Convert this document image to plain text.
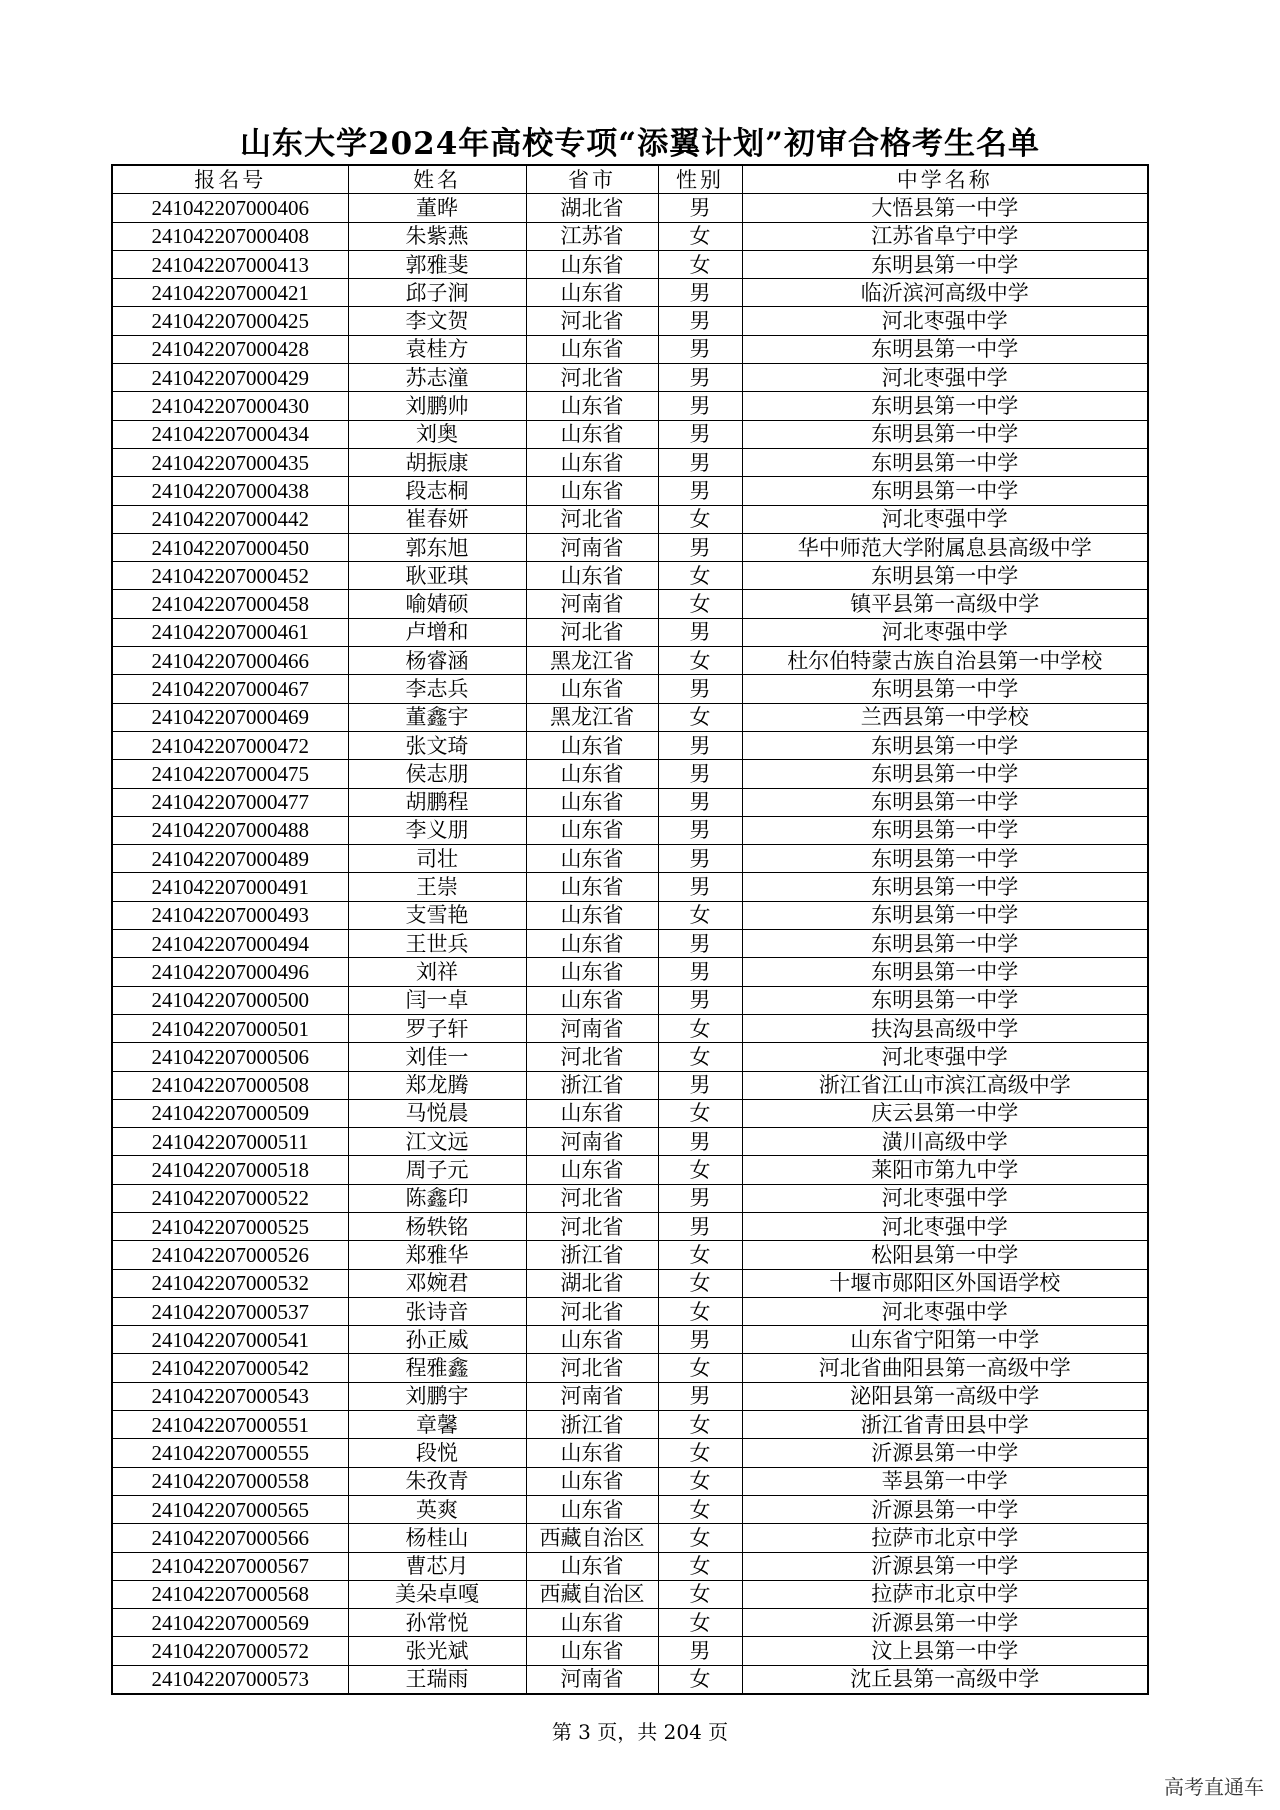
山东大学2024年高校专项“添翼计划”初审合格考生名单
报名号	姓名	省市	性别	中学名称
241042207000406	董晔	湖北省	男	大悟县第一中学
241042207000408	朱紫燕	江苏省	女	江苏省阜宁中学
241042207000413	郭雅斐	山东省	女	东明县第一中学
241042207000421	邱子涧	山东省	男	临沂滨河高级中学
241042207000425	李文贺	河北省	男	河北枣强中学
241042207000428	袁桂方	山东省	男	东明县第一中学
241042207000429	苏志潼	河北省	男	河北枣强中学
241042207000430	刘鹏帅	山东省	男	东明县第一中学
241042207000434	刘奥	山东省	男	东明县第一中学
241042207000435	胡振康	山东省	男	东明县第一中学
241042207000438	段志桐	山东省	男	东明县第一中学
241042207000442	崔春妍	河北省	女	河北枣强中学
241042207000450	郭东旭	河南省	男	华中师范大学附属息县高级中学
241042207000452	耿亚琪	山东省	女	东明县第一中学
241042207000458	喻婧硕	河南省	女	镇平县第一高级中学
241042207000461	卢增和	河北省	男	河北枣强中学
241042207000466	杨睿涵	黑龙江省	女	杜尔伯特蒙古族自治县第一中学校
241042207000467	李志兵	山东省	男	东明县第一中学
241042207000469	董鑫宇	黑龙江省	女	兰西县第一中学校
241042207000472	张文琦	山东省	男	东明县第一中学
241042207000475	侯志朋	山东省	男	东明县第一中学
241042207000477	胡鹏程	山东省	男	东明县第一中学
241042207000488	李义朋	山东省	男	东明县第一中学
241042207000489	司壮	山东省	男	东明县第一中学
241042207000491	王崇	山东省	男	东明县第一中学
241042207000493	支雪艳	山东省	女	东明县第一中学
241042207000494	王世兵	山东省	男	东明县第一中学
241042207000496	刘祥	山东省	男	东明县第一中学
241042207000500	闫一卓	山东省	男	东明县第一中学
241042207000501	罗子轩	河南省	女	扶沟县高级中学
241042207000506	刘佳一	河北省	女	河北枣强中学
241042207000508	郑龙腾	浙江省	男	浙江省江山市滨江高级中学
241042207000509	马悦晨	山东省	女	庆云县第一中学
241042207000511	江文远	河南省	男	潢川高级中学
241042207000518	周子元	山东省	女	莱阳市第九中学
241042207000522	陈鑫印	河北省	男	河北枣强中学
241042207000525	杨轶铭	河北省	男	河北枣强中学
241042207000526	郑雅华	浙江省	女	松阳县第一中学
241042207000532	邓婉君	湖北省	女	十堰市郧阳区外国语学校
241042207000537	张诗音	河北省	女	河北枣强中学
241042207000541	孙正威	山东省	男	山东省宁阳第一中学
241042207000542	程雅鑫	河北省	女	河北省曲阳县第一高级中学
241042207000543	刘鹏宇	河南省	男	泌阳县第一高级中学
241042207000551	章馨	浙江省	女	浙江省青田县中学
241042207000555	段悦	山东省	女	沂源县第一中学
241042207000558	朱孜青	山东省	女	莘县第一中学
241042207000565	英爽	山东省	女	沂源县第一中学
241042207000566	杨桂山	西藏自治区	女	拉萨市北京中学
241042207000567	曹芯月	山东省	女	沂源县第一中学
241042207000568	美朵卓嘎	西藏自治区	女	拉萨市北京中学
241042207000569	孙常悦	山东省	女	沂源县第一中学
241042207000572	张光斌	山东省	男	汶上县第一中学
241042207000573	王瑞雨	河南省	女	沈丘县第一高级中学
第 3 页，共 204 页
高考直通车
